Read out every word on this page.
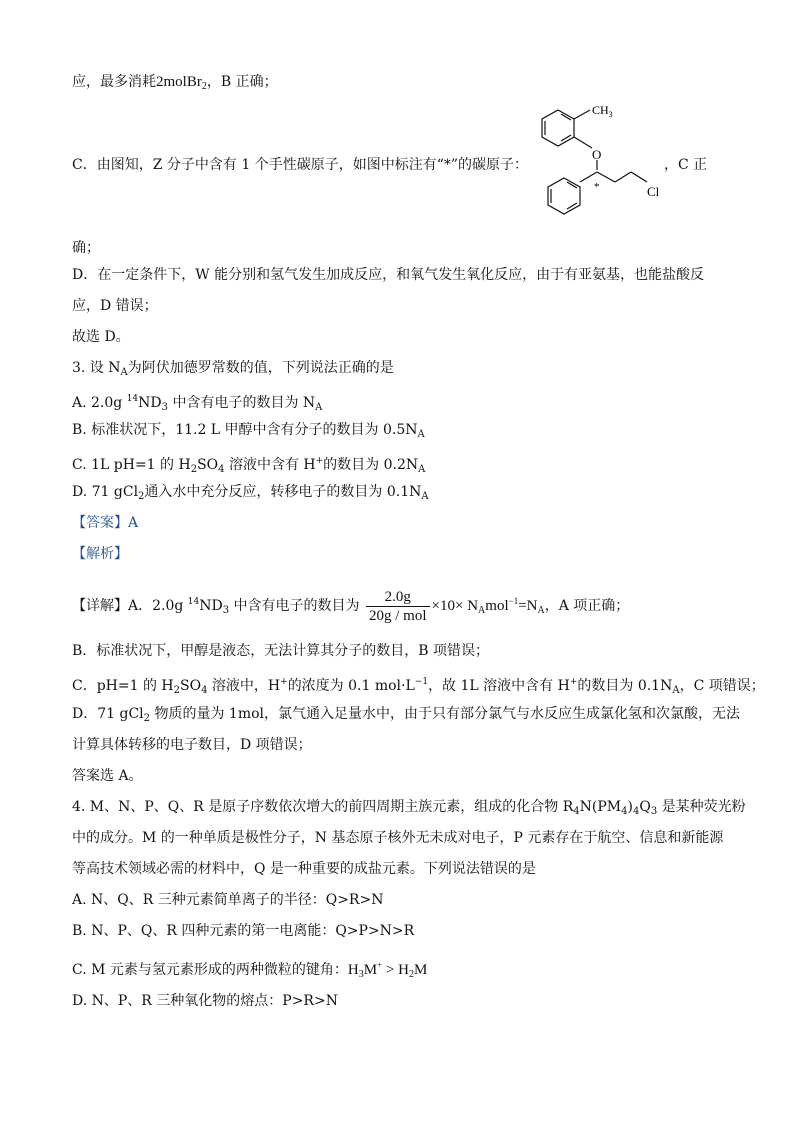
应，最多消耗2molBr$_2$，B 正确；
C．由图知，Z 分子中含有 1 个手性碳原子，如图中标注有“*”的碳原子：	，C 正
$CH_3$
O
*	Cl
确；
D．在一定条件下，W 能分别和氢气发生加成反应，和氧气发生氧化反应，由于有亚氨基，也能盐酸反
应，D 错误；
故选 D。
3. 设 $N_A$为阿伏加德罗常数的值，下列说法正确的是
A. 2.0g $^{14}ND_3$ 中含有电子的数目为 $N_A$
B. 标准状况下，11.2 L 甲醇中含有分子的数目为 $0.5N_A$
C. 1L pH=1 的 $H_2SO_4$ 溶液中含有 H+的数目为 $0.2N_A$
D. 71 gCl$_2$通入水中充分反应，转移电子的数目为 $0.1N_A$
【答案】A
【解析】
【详解】A．2.0g $^{14}ND_3$ 中含有电子的数目为 $\frac{2.0g}{\text{20g / mol}} \times 10\times N_Amol^{-1}=N_A$，A 项正确；
B．标准状况下，甲醇是液态，无法计算其分子的数目，B 项错误；
C．pH=1 的 $H_2SO_4$ 溶液中，H+的浓度为 0.1 $mol\cdot L^{-1}$，故 1L 溶液中含有 H+的数目为 $0.1N_A$，C 项错误；
D．71 gCl$_2$ 物质的量为 1mol，氯气通入足量水中，由于只有部分氯气与水反应生成氯化氢和次氯酸，无法
计算具体转移的电子数目，D 项错误；
答案选 A。
4. M、N、P、Q、R 是原子序数依次增大的前四周期主族元素，组成的化合物 $R_4N(PM_4)_4Q_3$ 是某种荧光粉
中的成分。M 的一种单质是极性分子，N 基态原子核外无未成对电子，P 元素存在于航空、信息和新能源
等高技术领域必需的材料中，Q 是一种重要的成盐元素。下列说法错误的是
A. N、Q、R 三种元素简单离子的半径：Q>R>N
B. N、P、Q、R 四种元素的第一电离能：Q>P>N>R
C. M 元素与氢元素形成的两种微粒的键角：$H_3M^+ > H_2M$
D. N、P、R 三种氧化物的熔点：P>R>N
